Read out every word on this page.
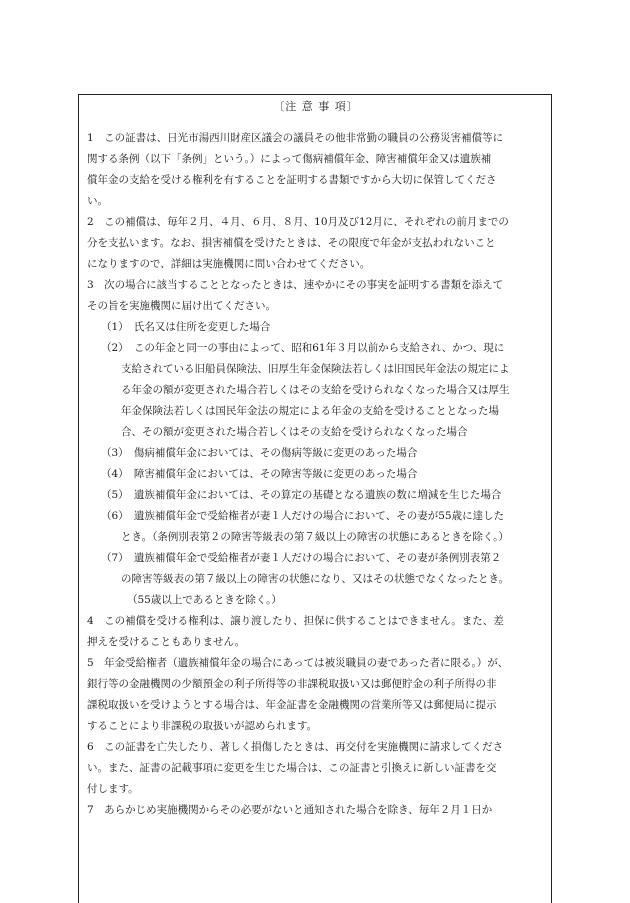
〔注 意 事 項〕
1　この証書は、日光市湯西川財産区議会の議員その他非常勤の職員の公務災害補償等に
関する条例（以下「条例」という。）によって傷病補償年金、障害補償年金又は遺族補
償年金の支給を受ける権利を有することを証明する書類ですから大切に保管してくださ
い。
2　この補償は、毎年２月、４月、６月、８月、10月及び12月に、それぞれの前月までの
分を支払います。なお、損害補償を受けたときは、その限度で年金が支払われないこと
になりますので、詳細は実施機関に問い合わせてください。
3　次の場合に該当することとなったときは、速やかにその事実を証明する書類を添えて
その旨を実施機関に届け出てください。
（1）　氏名又は住所を変更した場合
（2）　この年金と同一の事由によって、昭和61年３月以前から支給され、かつ、現に
支給されている旧船員保険法、旧厚生年金保険法若しくは旧国民年金法の規定によ
る年金の額が変更された場合若しくはその支給を受けられなくなった場合又は厚生
年金保険法若しくは国民年金法の規定による年金の支給を受けることとなった場
合、その額が変更された場合若しくはその支給を受けられなくなった場合
（3）　傷病補償年金においては、その傷病等級に変更のあった場合
（4）　障害補償年金においては、その障害等級に変更のあった場合
（5）　遺族補償年金においては、その算定の基礎となる遺族の数に増減を生じた場合
（6）　遺族補償年金で受給権者が妻１人だけの場合において、その妻が55歳に達した
とき。（条例別表第２の障害等級表の第７級以上の障害の状態にあるときを除く。）
（7）　遺族補償年金で受給権者が妻１人だけの場合において、その妻が条例別表第２
の障害等級表の第７級以上の障害の状態になり、又はその状態でなくなったとき。
（55歳以上であるときを除く。）
4　この補償を受ける権利は、譲り渡したり、担保に供することはできません。また、差
押えを受けることもありません。
5　年金受給権者（遺族補償年金の場合にあっては被災職員の妻であった者に限る。）が、
銀行等の金融機関の少額預金の利子所得等の非課税取扱い又は郵便貯金の利子所得の非
課税取扱いを受けようとする場合は、年金証書を金融機関の営業所等又は郵便局に提示
することにより非課税の取扱いが認められます。
6　この証書を亡失したり、著しく損傷したときは、再交付を実施機関に請求してくださ
い。また、証書の記載事項に変更を生じた場合は、この証書と引換えに新しい証書を交
付します。
7　あらかじめ実施機関からその必要がないと通知された場合を除き、毎年２月１日か
